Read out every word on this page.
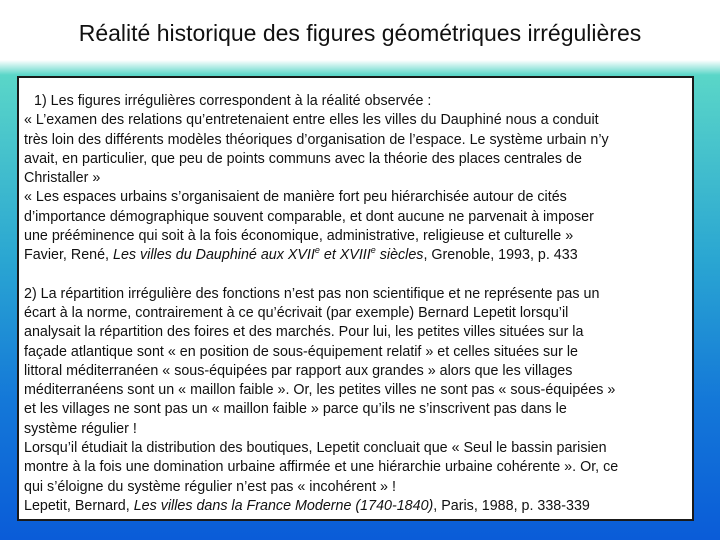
Réalité historique des figures géométriques irrégulières
1) Les figures irrégulières correspondent à la réalité observée :
« L’examen des relations qu’entretenaient entre elles les villes du Dauphiné nous a conduit
très loin des différents modèles théoriques d’organisation de l’espace. Le système urbain n’y
avait, en particulier, que peu de points communs avec la théorie des places centrales de
Christaller »
« Les espaces urbains s’organisaient de manière fort peu hiérarchisée autour de cités
d’importance démographique souvent comparable, et dont aucune ne parvenait à imposer
une prééminence qui soit à la fois économique, administrative, religieuse et culturelle »
Favier, René, Les villes du Dauphiné aux XVIIe et XVIIIe siècles, Grenoble, 1993, p. 433
2) La répartition irrégulière des fonctions n’est pas non scientifique et ne représente pas un
écart à la norme, contrairement à ce qu’écrivait (par exemple) Bernard Lepetit lorsqu’il
analysait la répartition des foires et des marchés. Pour lui, les petites villes situées sur la
façade atlantique sont « en position de sous-équipement relatif » et celles situées sur le
littoral méditerranéen « sous-équipées par rapport aux grandes » alors que les villages
méditerranéens sont un « maillon faible ». Or, les petites villes ne sont pas « sous-équipées »
et les villages ne sont pas un « maillon faible » parce qu’ils ne s’inscrivent pas dans le
système régulier !
Lorsqu’il étudiait la distribution des boutiques, Lepetit concluait que « Seul le bassin parisien
montre à la fois une domination urbaine affirmée et une hiérarchie urbaine cohérente ». Or, ce
qui s’éloigne du système régulier n’est pas « incohérent » !
Lepetit, Bernard, Les villes dans la France Moderne (1740-1840), Paris, 1988, p. 338-339
